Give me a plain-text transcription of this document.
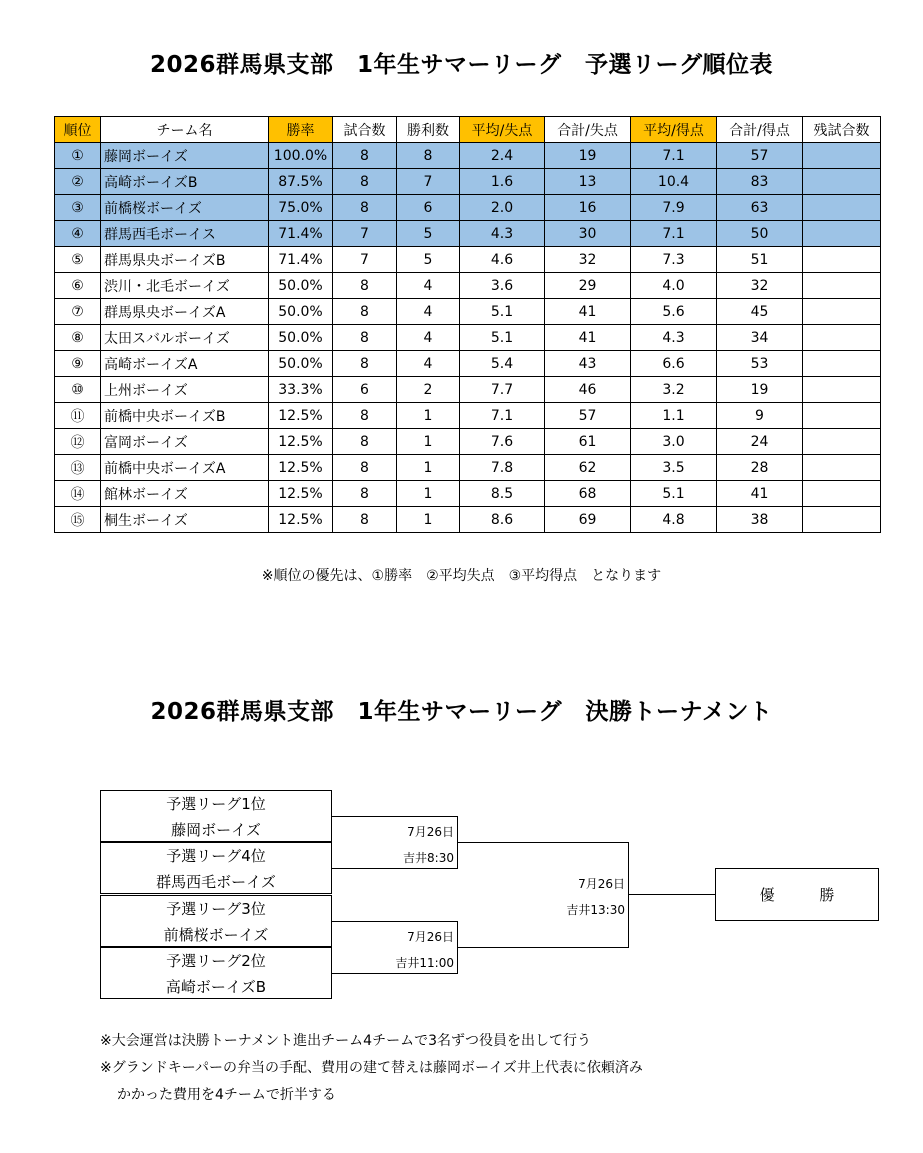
2026群馬県支部　1年生サマーリーグ　予選リーグ順位表
順位	チーム名	勝率	試合数	勝利数	平均/失点	合計/失点	平均/得点	合計/得点	残試合数
①	藤岡ボーイズ	100.0%	8	8	2.4	19	7.1	57	
②	高崎ボーイズB	87.5%	8	7	1.6	13	10.4	83	
③	前橋桜ボーイズ	75.0%	8	6	2.0	16	7.9	63	
④	群馬西毛ボーイス	71.4%	7	5	4.3	30	7.1	50	
⑤	群馬県央ボーイズB	71.4%	7	5	4.6	32	7.3	51	
⑥	渋川・北毛ボーイズ	50.0%	8	4	3.6	29	4.0	32	
⑦	群馬県央ボーイズA	50.0%	8	4	5.1	41	5.6	45	
⑧	太田スバルボーイズ	50.0%	8	4	5.1	41	4.3	34	
⑨	高崎ボーイズA	50.0%	8	4	5.4	43	6.6	53	
⑩	上州ボーイズ	33.3%	6	2	7.7	46	3.2	19	
⑪	前橋中央ボーイズB	12.5%	8	1	7.1	57	1.1	9	
⑫	富岡ボーイズ	12.5%	8	1	7.6	61	3.0	24	
⑬	前橋中央ボーイズA	12.5%	8	1	7.8	62	3.5	28	
⑭	館林ボーイズ	12.5%	8	1	8.5	68	5.1	41	
⑮	桐生ボーイズ	12.5%	8	1	8.6	69	4.8	38	
※順位の優先は、①勝率　②平均失点　③平均得点　となります
2026群馬県支部　1年生サマーリーグ　決勝トーナメント
予選リーグ1位
藤岡ボーイズ
予選リーグ4位
群馬西毛ボーイズ
予選リーグ3位
前橋桜ボーイズ
予選リーグ2位
高崎ボーイズB
7月26日
吉井8:30
7月26日
吉井11:00
7月26日
吉井13:30
優 勝
※大会運営は決勝トーナメント進出チーム4チームで3名ずつ役員を出して行う
※グランドキーパーの弁当の手配、費用の建て替えは藤岡ボーイズ井上代表に依頼済み
かかった費用を4チームで折半する
